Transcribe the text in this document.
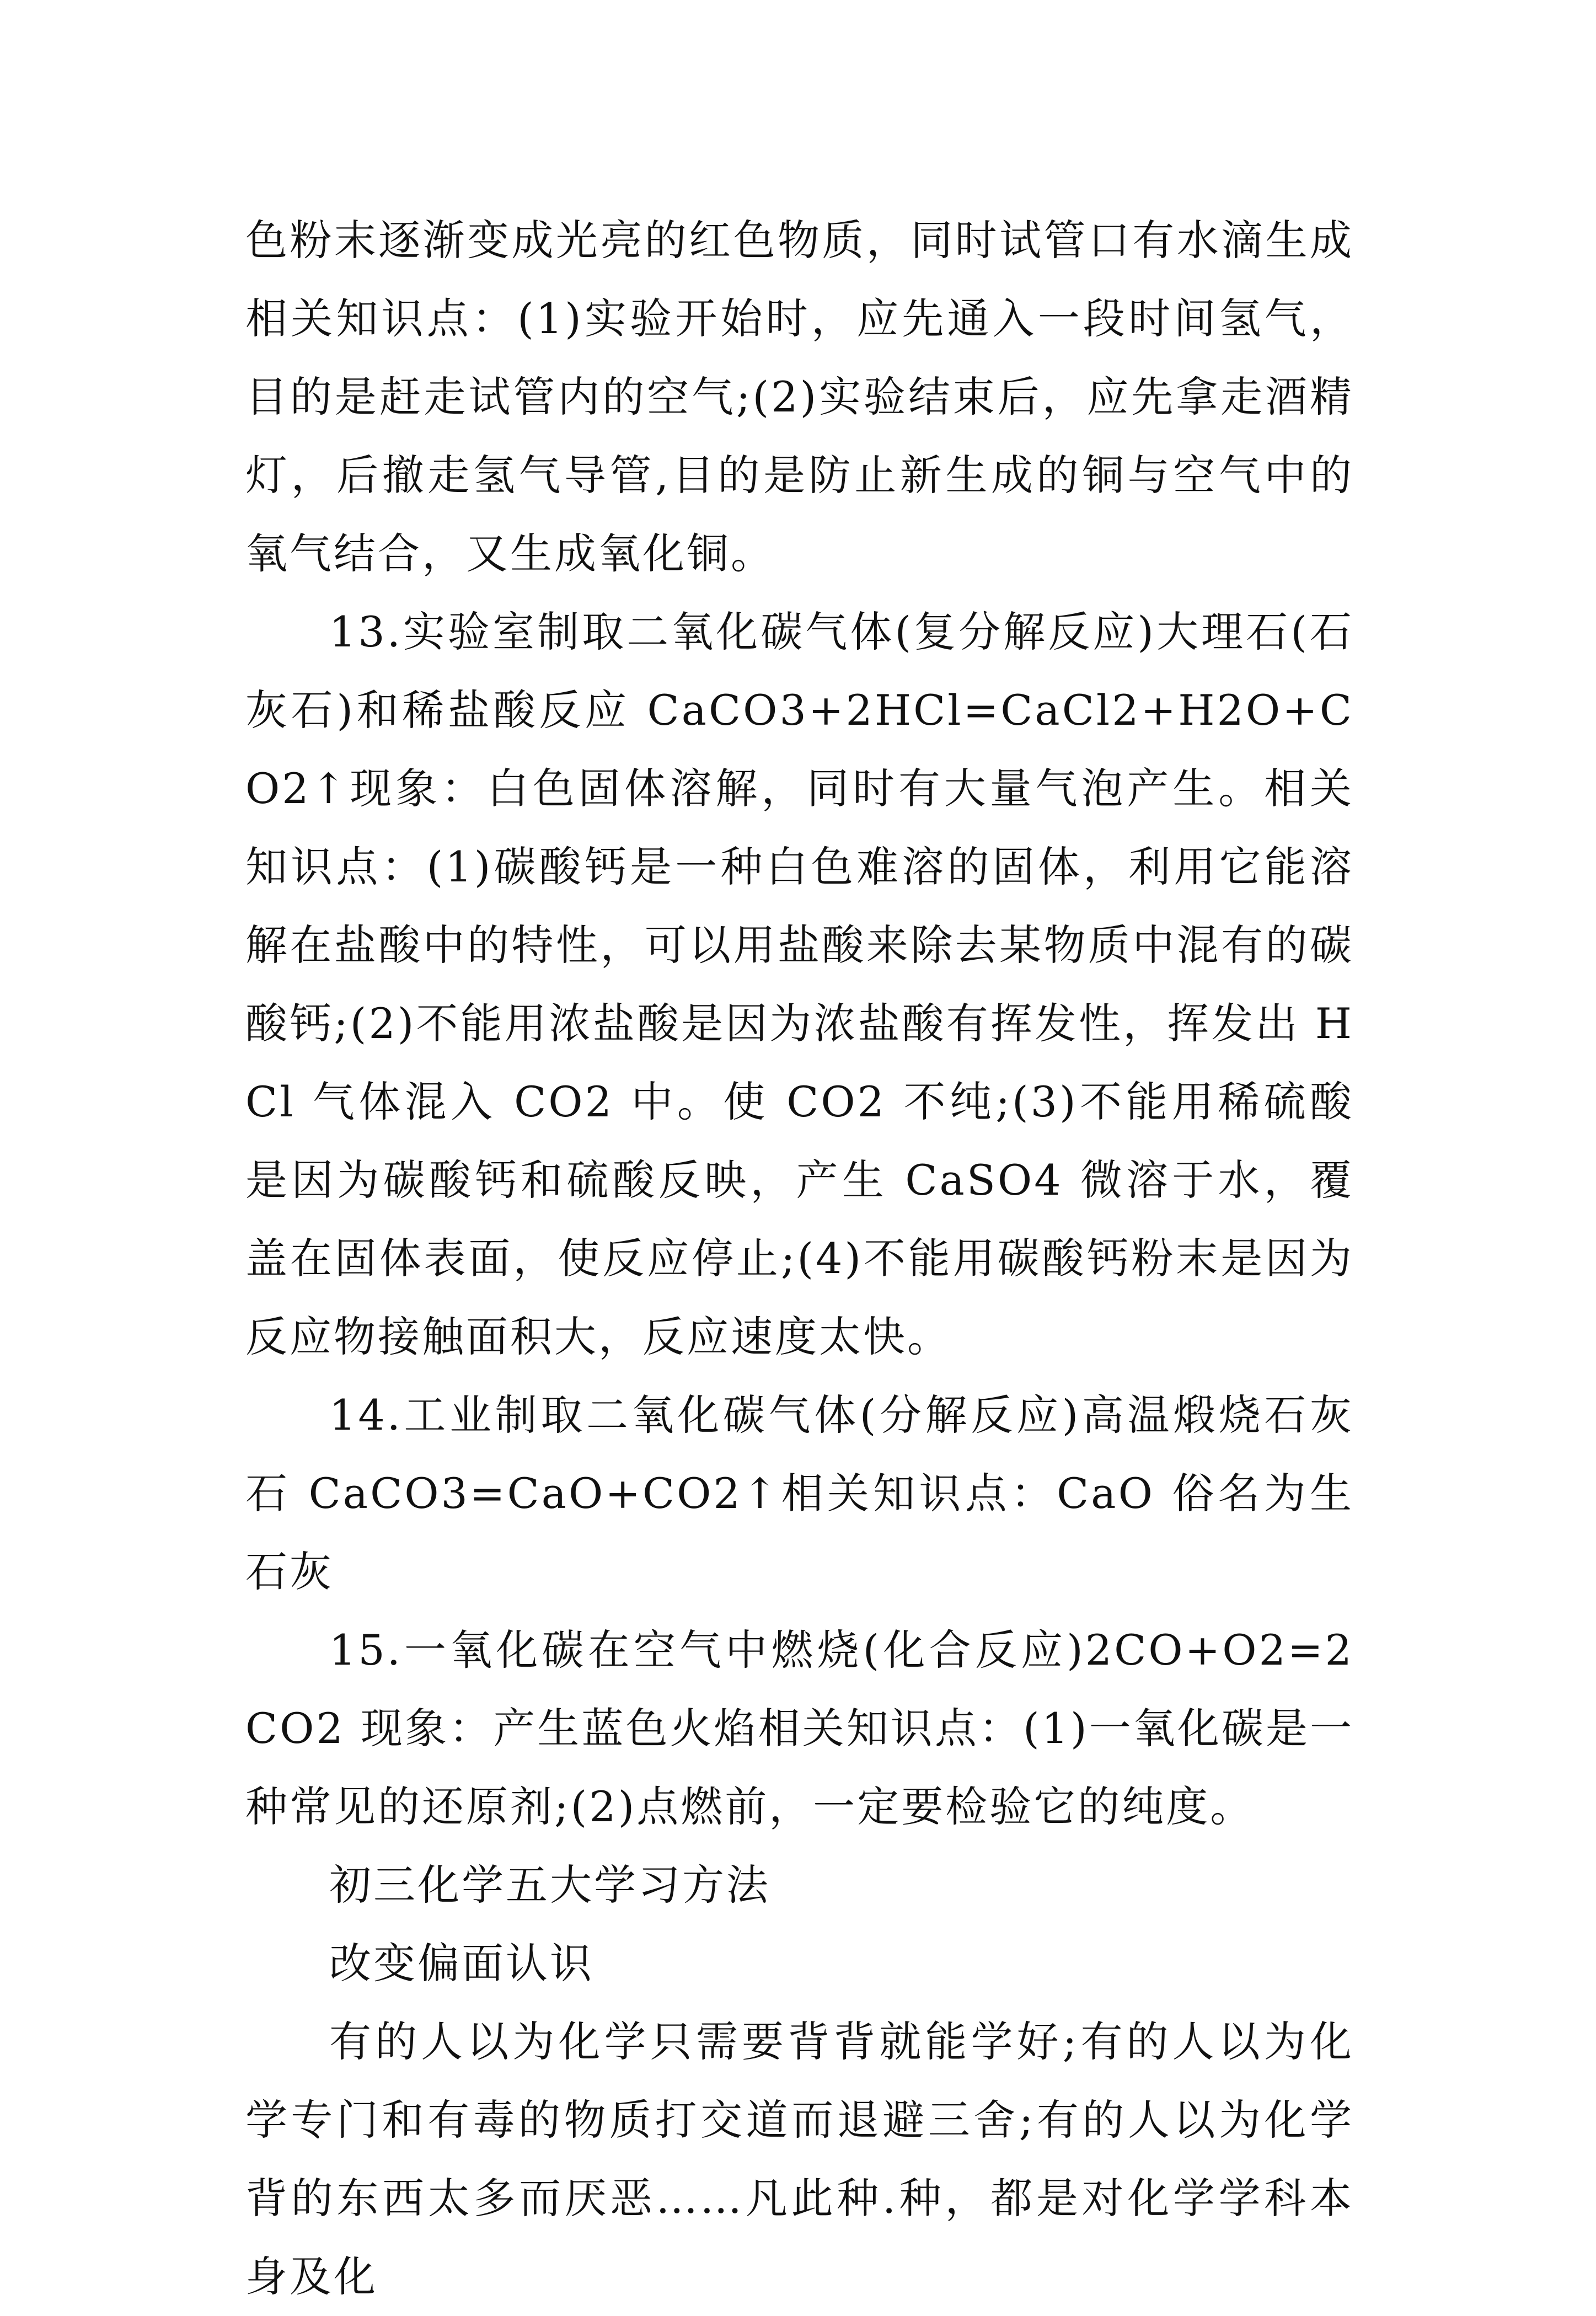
色粉末逐渐变成光亮的红色物质，同时试管口有水滴生成相关知识点：(1)实验开始时，应先通入一段时间氢气，目的是赶走试管内的空气;(2)实验结束后，应先拿走酒精灯，后撤走氢气导管,目的是防止新生成的铜与空气中的氧气结合，又生成氧化铜。

13.实验室制取二氧化碳气体(复分解反应)大理石(石灰石)和稀盐酸反应 CaCO3+2HCl=CaCl2+H2O+CO2↑现象：白色固体溶解，同时有大量气泡产生。相关知识点：(1)碳酸钙是一种白色难溶的固体，利用它能溶解在盐酸中的特性，可以用盐酸来除去某物质中混有的碳酸钙;(2)不能用浓盐酸是因为浓盐酸有挥发性，挥发出 HCl 气体混入 CO2 中。使 CO2 不纯;(3)不能用稀硫酸是因为碳酸钙和硫酸反映，产生 CaSO4 微溶于水，覆盖在固体表面，使反应停止;(4)不能用碳酸钙粉末是因为反应物接触面积大，反应速度太快。

14.工业制取二氧化碳气体(分解反应)高温煅烧石灰石 CaCO3=CaO+CO2↑相关知识点：CaO 俗名为生石灰

15.一氧化碳在空气中燃烧(化合反应)2CO+O2=2CO2 现象：产生蓝色火焰相关知识点：(1)一氧化碳是一种常见的还原剂;(2)点燃前，一定要检验它的纯度。

初三化学五大学习方法

改变偏面认识

有的人以为化学只需要背背就能学好;有的人以为化学专门和有毒的物质打交道而退避三舍;有的人以为化学背的东西太多而厌恶……凡此种.种，都是对化学学科本身及化
